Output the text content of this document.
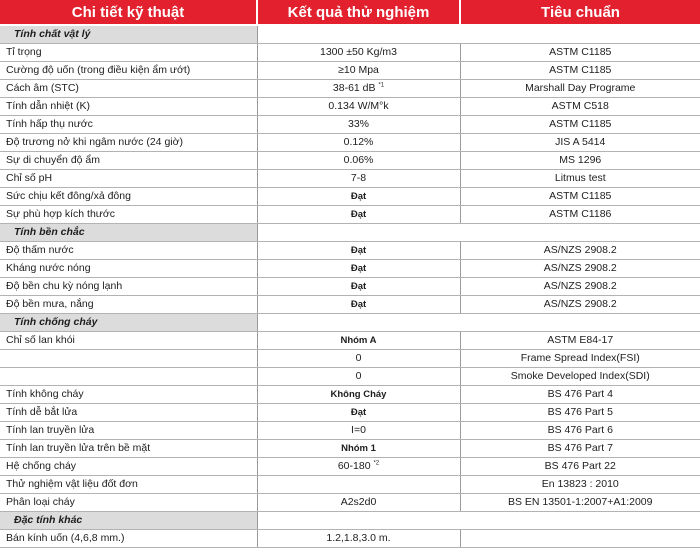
Chi tiết kỹ thuật	Kết quả thử nghiệm	Tiêu chuẩn
Tính chất vật lý		
Tỉ trọng	1300 ±50 Kg/m3	ASTM C1185
Cường độ uốn (trong điều kiện ẩm ướt)	≥10 Mpa	ASTM C1185
Cách âm (STC)	38-61 dB $^{*1}$	Marshall Day Programe
Tính dẫn nhiệt (K)	0.134 W/M°k	ASTM C518
Tính hấp thụ nước	33%	ASTM C1185
Độ trương nở khi ngâm nước (24 giờ)	0.12%	JIS A 5414
Sự di chuyển độ ẩm	0.06%	MS 1296
Chỉ số pH	7-8	Litmus test
Sức chịu kết đông/xả đông	Đạt	ASTM C1185
Sự phù hợp kích thước	Đạt	ASTM C1186
Tính bền chắc		
Độ thấm nước	Đạt	AS/NZS 2908.2
Kháng nước nóng	Đạt	AS/NZS 2908.2
Độ bền chu kỳ nóng lạnh	Đạt	AS/NZS 2908.2
Độ bền mưa, nắng	Đạt	AS/NZS 2908.2
Tính chống cháy		
Chỉ số lan khói	Nhóm A	ASTM E84-17
	0	Frame Spread Index(FSI)
	0	Smoke Developed Index(SDI)
Tính không cháy	Không Cháy	BS 476 Part 4
Tính dễ bắt lửa	Đạt	BS 476 Part 5
Tính lan truyền lửa	I=0	BS 476 Part 6
Tính lan truyền lửa trên bề mặt	Nhóm 1	BS 476 Part 7
Hệ chống cháy	60-180 $^{*2}$	BS 476 Part 22
Thử nghiệm vật liệu đốt đơn		En 13823 : 2010
Phân loại cháy	A2s2d0	BS EN 13501-1:2007+A1:2009
Đặc tính khác		
Bán kính uốn (4,6,8 mm.)	1.2,1.8,3.0 m.	
